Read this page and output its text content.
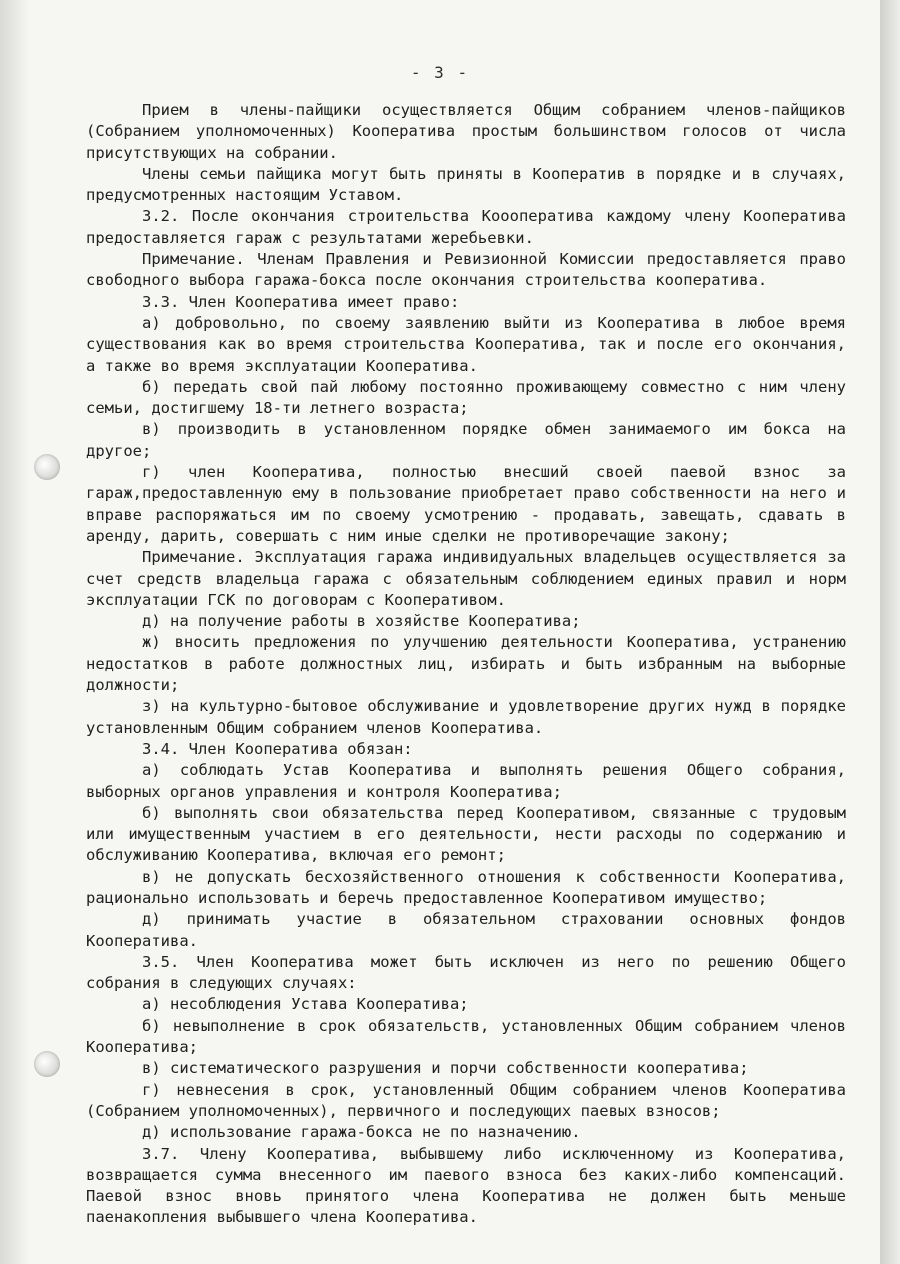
- 3 -

Прием в члены-пайщики осуществляется Общим собранием членов-пайщиков (Собранием уполномоченных) Кооператива простым большинством голосов от числа присутствующих на собрании.

Члены семьи пайщика могут быть приняты в Кооператив в порядке и в случаях, предусмотренных настоящим Уставом.

3.2. После окончания строительства Коооператива каждому члену Кооператива предоставляется гараж с результатами жеребьевки.

Примечание. Членам Правления и Ревизионной Комиссии предоставляется право свободного выбора гаража-бокса после окончания строительства кооператива.

3.3. Член Кооператива имеет право:

а) добровольно, по своему заявлению выйти из Кооператива в любое время существования как во время строительства Кооператива, так и после его окончания, а также во время эксплуатации Кооператива.

б) передать свой пай любому постоянно проживающему совместно с ним члену семьи, достигшему 18-ти летнего возраста;

в) производить в установленном порядке обмен занимаемого им бокса на другое;

г) член Кооператива, полностью внесший своей паевой взнос за гараж,предоставленную ему в пользование приобретает право собственности на него и вправе распоряжаться им по своему усмотрению - продавать, завещать, сдавать в аренду, дарить, совершать с ним иные сделки не противоречащие закону;

Примечание. Эксплуатация гаража индивидуальных владельцев осуществляется за счет средств владельца гаража с обязательным соблюдением единых правил и норм эксплуатации ГСК по договорам с Кооперативом.

д) на получение работы в хозяйстве Кооператива;

ж) вносить предложения по улучшению деятельности Кооператива, устранению недостатков в работе должностных лиц, избирать и быть избранным на выборные должности;

з) на культурно-бытовое обслуживание и удовлетворение других нужд в порядке установленным Общим собранием членов Кооператива.

3.4. Член Кооператива обязан:

а) соблюдать Устав Кооператива и выполнять решения Общего собрания, выборных органов управления и контроля Кооператива;

б) выполнять свои обязательства перед Кооперативом, связанные с трудовым или имущественным участием в его деятельности, нести расходы по содержанию и обслуживанию Кооператива, включая его ремонт;

в) не допускать бесхозяйственного отношения к собственности Кооператива, рационально использовать и беречь предоставленное Кооперативом имущество;

д) принимать участие в обязательном страховании основных фондов Кооператива.

3.5. Член Кооператива может быть исключен из него по решению Общего собрания в следующих случаях:

а) несоблюдения Устава Кооператива;

б) невыполнение в срок обязательств, установленных Общим собранием членов Кооператива;

в) систематического разрушения и порчи собственности кооператива;

г) невнесения в срок, установленный Общим собранием членов Кооператива (Собранием уполномоченных), первичного и последующих паевых взносов;

д) использование гаража-бокса не по назначению.

3.7. Члену Кооператива, выбывшему либо исключенному из Кооператива, возвращается сумма внесенного им паевого взноса без каких-либо компенсаций. Паевой взнос вновь принятого члена Кооператива не должен быть меньше паенакопления выбывшего члена Кооператива.
